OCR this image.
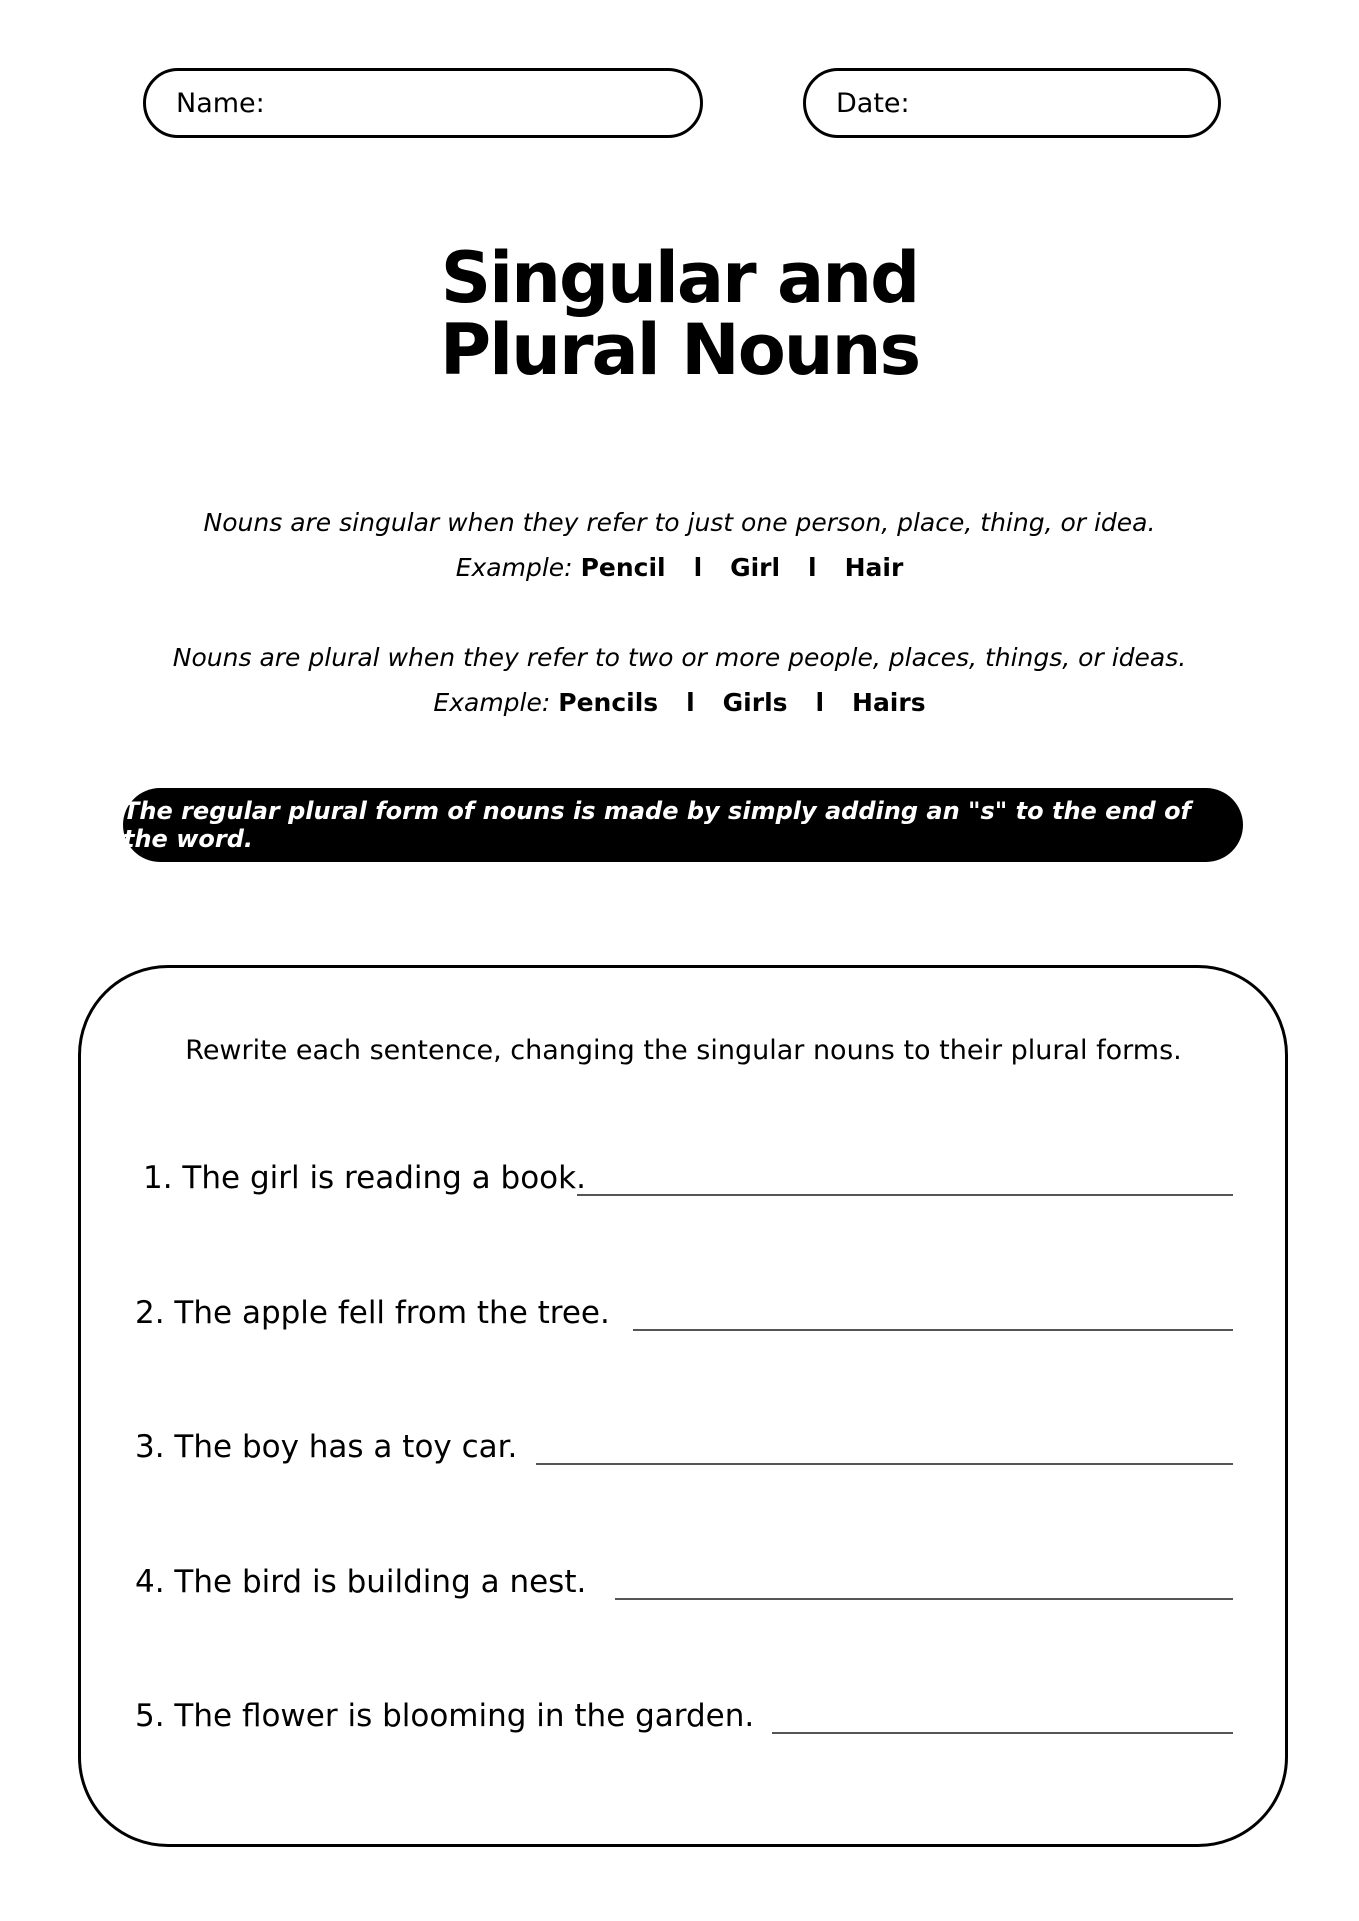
Name:	Date:
Singular and
Plural Nouns
Nouns are singular when they refer to just one person, place, thing, or idea.
Example: Pencil l Girl l Hair
Nouns are plural when they refer to two or more people, places, things, or ideas.
Example: Pencils l Girls l Hairs
The regular plural form of nouns is made by simply adding an "s" to the end of the word.
Rewrite each sentence, changing the singular nouns to their plural forms.
1. The girl is reading a book.
2. The apple fell from the tree.
3. The boy has a toy car.
4. The bird is building a nest.
5. The flower is blooming in the garden.
